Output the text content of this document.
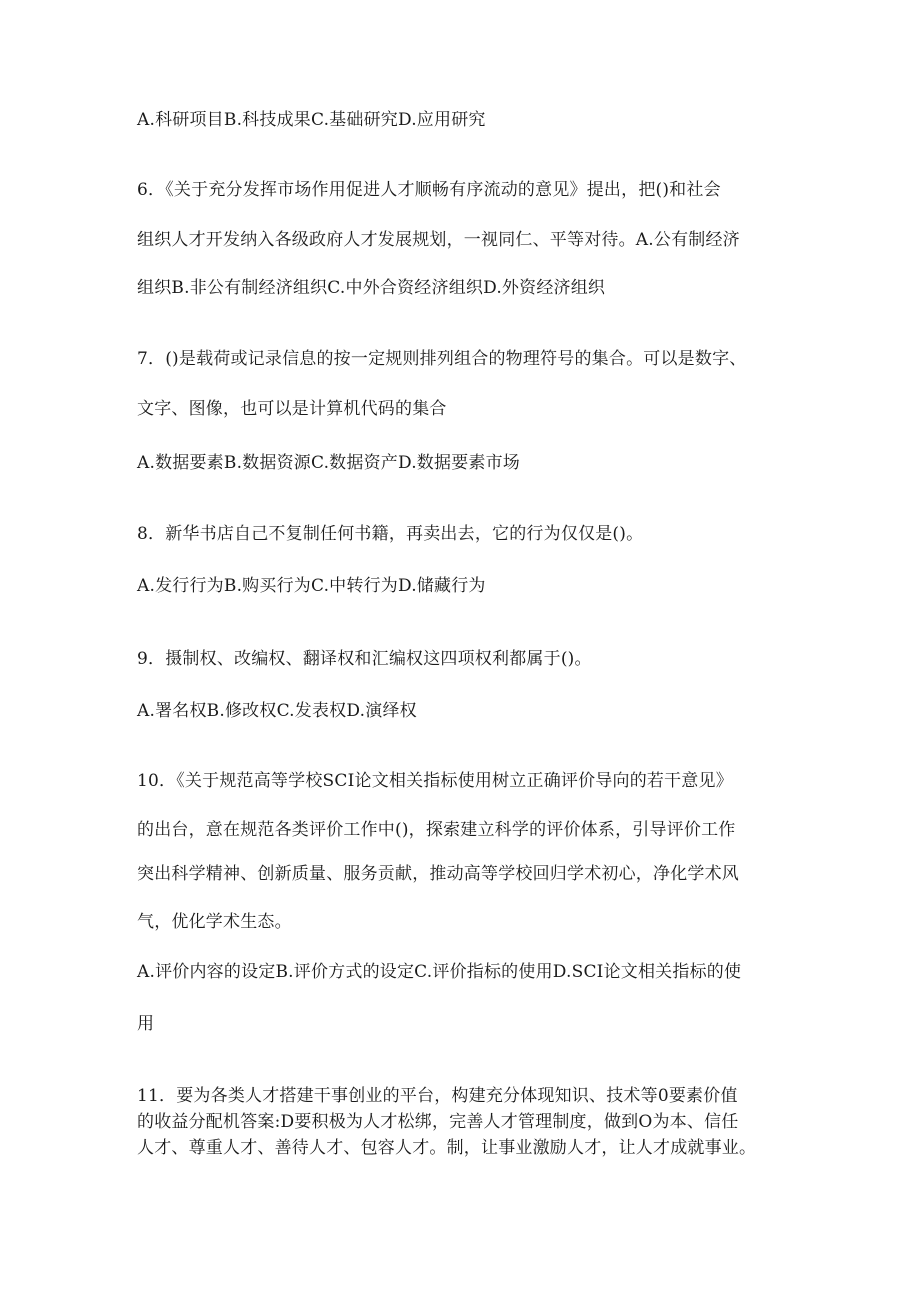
A.科研项目B.科技成果C.基础研究D.应用研究
6．《关于充分发挥市场作用促进人才顺畅有序流动的意见》提出，把()和社会
组织人才开发纳入各级政府人才发展规划，一视同仁、平等对待。A.公有制经济
组织B.非公有制经济组织C.中外合资经济组织D.外资经济组织
7．()是载荷或记录信息的按一定规则排列组合的物理符号的集合。可以是数字、
文字、图像，也可以是计算机代码的集合
A.数据要素B.数据资源C.数据资产D.数据要素市场
8．新华书店自己不复制任何书籍，再卖出去，它的行为仅仅是()。
A.发行行为B.购买行为C.中转行为D.储藏行为
9．摄制权、改编权、翻译权和汇编权这四项权利都属于()。
A.署名权B.修改权C.发表权D.演绎权
10．《关于规范高等学校SCI论文相关指标使用树立正确评价导向的若干意见》
的出台，意在规范各类评价工作中()，探索建立科学的评价体系，引导评价工作
突出科学精神、创新质量、服务贡献，推动高等学校回归学术初心，净化学术风
气，优化学术生态。
A.评价内容的设定B.评价方式的设定C.评价指标的使用D.SCI论文相关指标的使
用
11．要为各类人才搭建干事创业的平台，构建充分体现知识、技术等0要素价值
的收益分配机答案:D要积极为人才松绑，完善人才管理制度，做到O为本、信任
人才、尊重人才、善待人才、包容人才。制，让事业激励人才，让人才成就事业。
